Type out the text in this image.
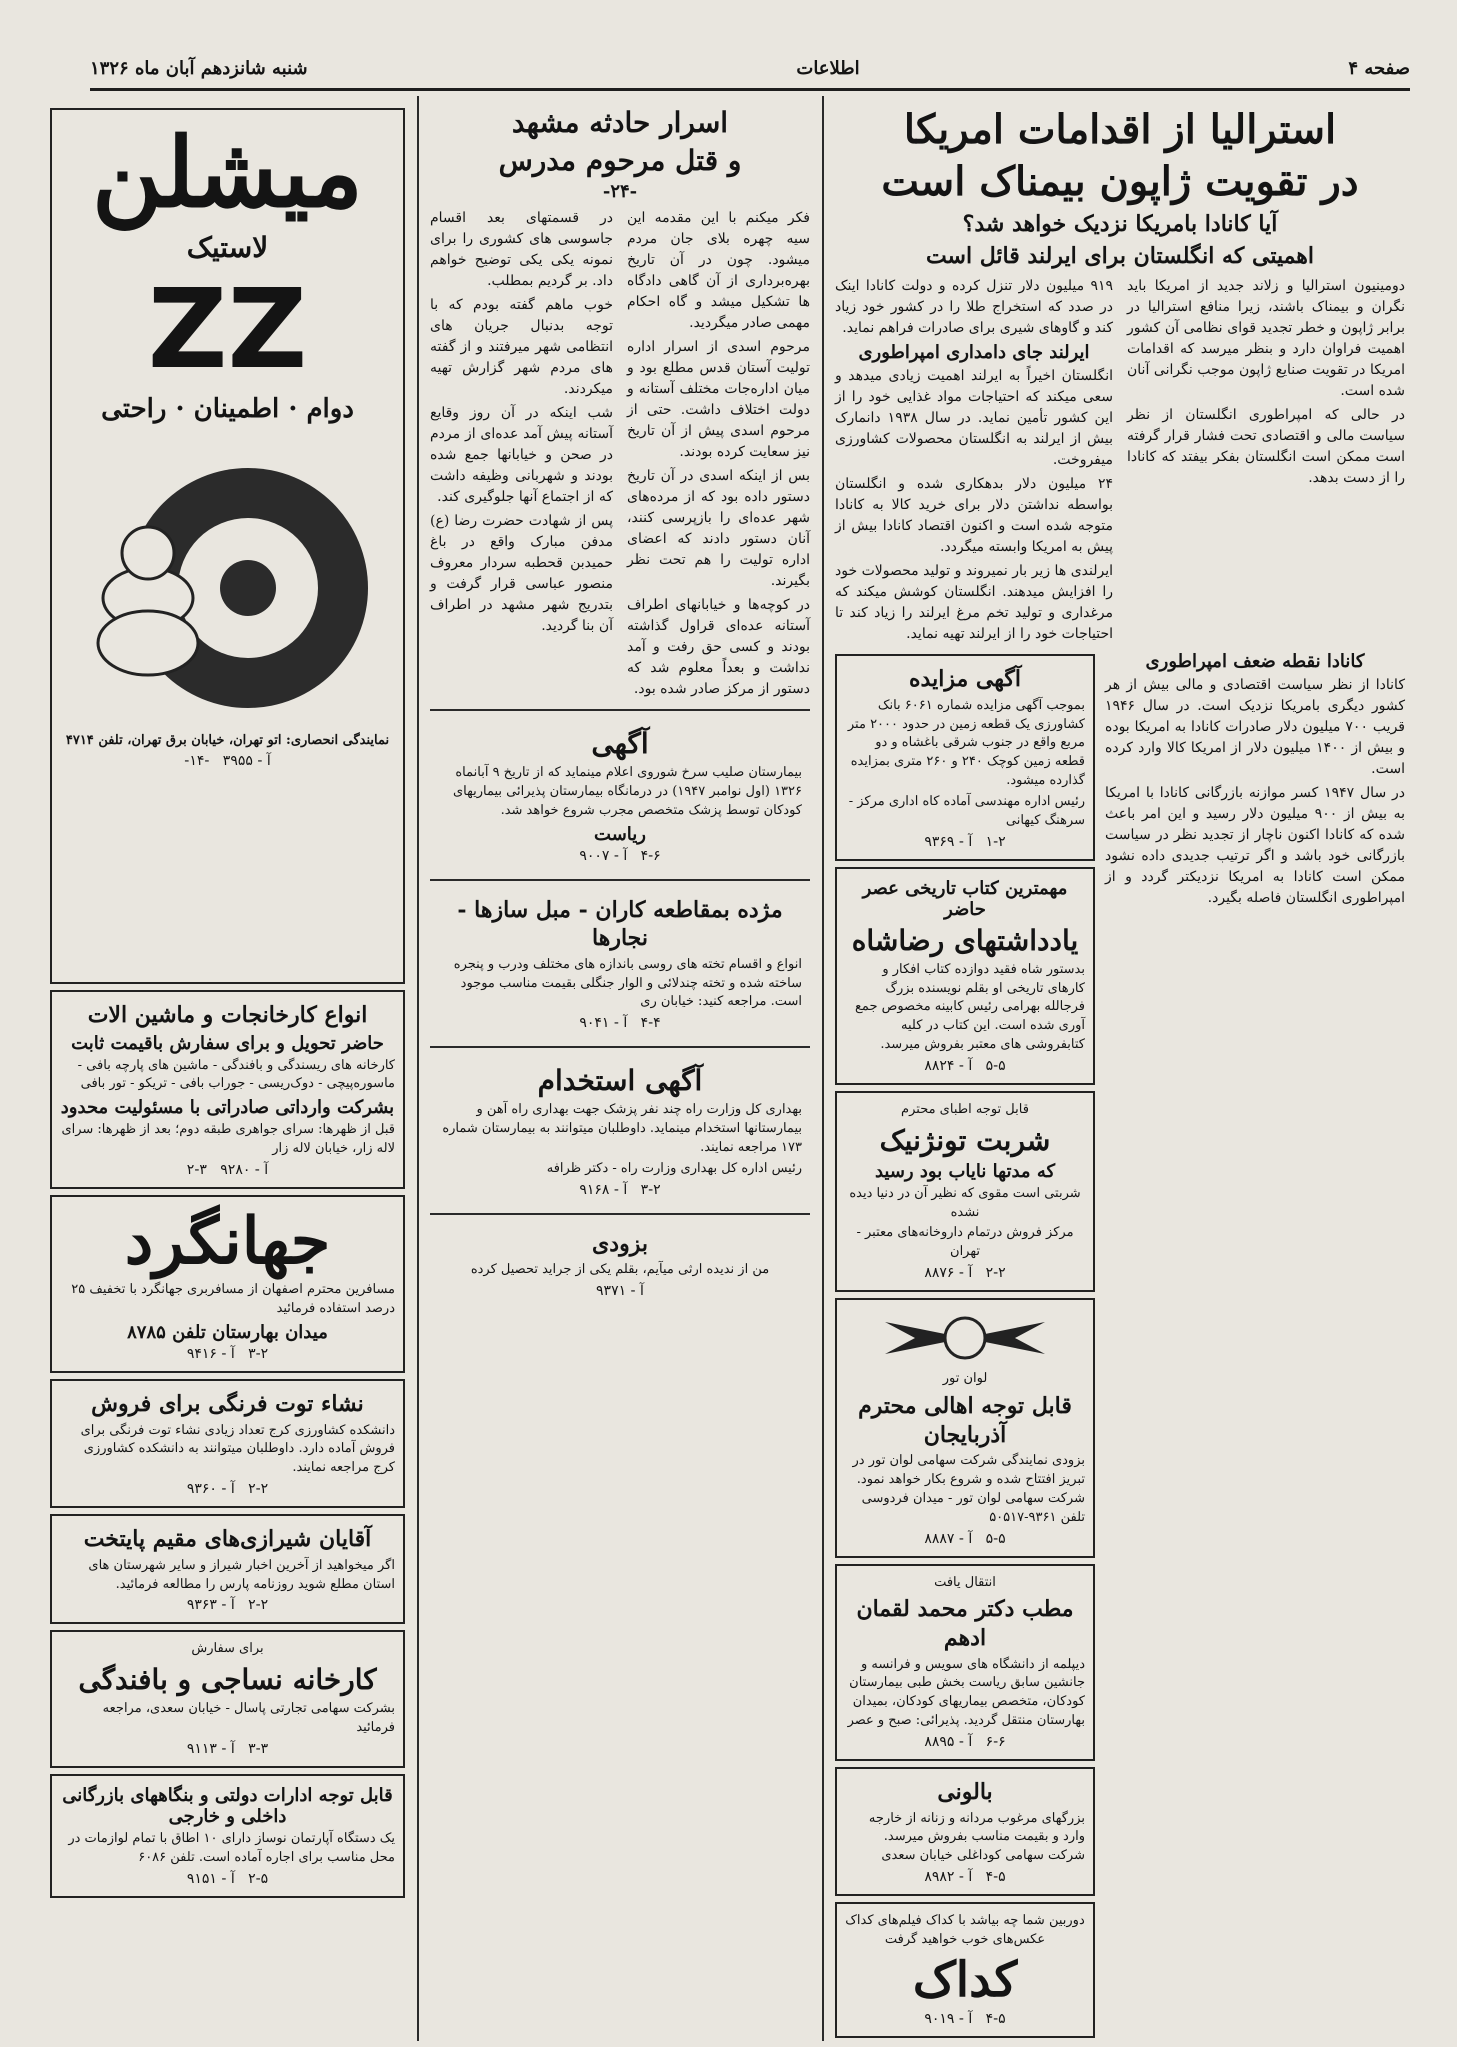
صفحه ۴
اطلاعات
شنبه شانزدهم آبان ماه ۱۳۲۶
استرالیا از اقدامات امریکا
در تقویت ژاپون بیمناک است
آیا کانادا بامریکا نزدیک خواهد شد؟
اهمیتی که انگلستان برای ایرلند قائل است

دومینیون استرالیا و زلاند جدید از امریکا باید نگران و بیمناک باشند، زیرا منافع استرالیا در برابر ژاپون و خطر تجدید قوای نظامی آن کشور اهمیت فراوان دارد و بنظر میرسد که اقدامات امریکا در تقویت صنایع ژاپون موجب نگرانی آنان شده است.

در حالی که امپراطوری انگلستان از نظر سیاست مالی و اقتصادی تحت فشار قرار گرفته است ممکن است انگلستان بفکر بیفتد که کانادا را از دست بدهد.

۹۱۹ میلیون دلار تنزل کرده و دولت کانادا اینک در صدد که استخراج طلا را در کشور خود زیاد کند و گاوهای شیری برای صادرات فراهم نماید.

ایرلند جای دامداری امپراطوری

انگلستان اخیراً به ایرلند اهمیت زیادی میدهد و سعی میکند که احتیاجات مواد غذایی خود را از این کشور تأمین نماید. در سال ۱۹۳۸ دانمارک بیش از ایرلند به انگلستان محصولات کشاورزی میفروخت.

۲۴ میلیون دلار بدهکاری شده و انگلستان بواسطه نداشتن دلار برای خرید کالا به کانادا متوجه شده است و اکنون اقتصاد کانادا بیش از پیش به امریکا وابسته میگردد.

ایرلندی ها زیر بار نمیروند و تولید محصولات خود را افزایش میدهند. انگلستان کوشش میکند که مرغداری و تولید تخم مرغ ایرلند را زیاد کند تا احتیاجات خود را از ایرلند تهیه نماید.

کانادا نقطه ضعف امپراطوری

کانادا از نظر سیاست اقتصادی و مالی بیش از هر کشور دیگری بامریکا نزدیک است. در سال ۱۹۴۶ قریب ۷۰۰ میلیون دلار صادرات کانادا به امریکا بوده و بیش از ۱۴۰۰ میلیون دلار از امریکا کالا وارد کرده است.

در سال ۱۹۴۷ کسر موازنه بازرگانی کانادا با امریکا به بیش از ۹۰۰ میلیون دلار رسید و این امر باعث شده که کانادا اکنون ناچار از تجدید نظر در سیاست بازرگانی خود باشد و اگر ترتیب جدیدی داده نشود ممکن است کانادا به امریکا نزدیکتر گردد و از امپراطوری انگلستان فاصله بگیرد.

آگهی مزایده

بموجب آگهی مزایده شماره ۶۰۶۱ بانک کشاورزی یک قطعه زمین در حدود ۲۰۰۰ متر مربع واقع در جنوب شرقی باغشاه و دو قطعه زمین کوچک ۲۴۰ و ۲۶۰ متری بمزایده گذارده میشود.

رئیس اداره مهندسی آماده کاه اداری مرکز - سرهنگ کیهانی

۱-۲   آ - ۹۳۶۹
مهمترین کتاب تاریخی عصر حاضر
یادداشتهای رضاشاه

بدستور شاه فقید دوازده کتاب افکار و کارهای تاریخی او بقلم نویسنده بزرگ فرجالله بهرامی رئیس کابینه مخصوص جمع آوری شده است. این کتاب در کلیه کتابفروشی های معتبر بفروش میرسد.

۵-۵   آ - ۸۸۲۴
قابل توجه اطبای محترم
شربت تونژنیک
که مدتها نایاب بود رسید
شربتی است مقوی که نظیر آن در دنیا دیده نشده
مرکز فروش درتمام داروخانه‌های معتبر - تهران
۲-۲   آ - ۸۸۷۶
لوان تور
قابل توجه اهالی محترم آذربایجان

بزودی نمایندگی شرکت سهامی لوان تور در تبریز افتتاح شده و شروع بکار خواهد نمود. شرکت سهامی لوان تور - میدان فردوسی تلفن ۹۳۶۱-۵۰۵۱۷

۵-۵   آ - ۸۸۸۷
انتقال یافت
مطب دکتر محمد لقمان ادهم

دیپلمه از دانشگاه های سویس و فرانسه و جانشین سابق ریاست بخش طبی بیمارستان کودکان، متخصص بیماریهای کودکان، بمیدان بهارستان منتقل گردید. پذیرائی: صبح و عصر

۶-۶   آ - ۸۸۹۵
بالونی

بزرگهای مرغوب مردانه و زنانه از خارجه وارد و بقیمت مناسب بفروش میرسد. شرکت سهامی کوداغلی خیابان سعدی

۴-۵   آ - ۸۹۸۲
دوربین شما چه بیاشد با کداک فیلم‌های کداک عکس‌های خوب خواهید گرفت
کداک
۴-۵   آ - ۹۰۱۹
اسرار حادثه مشهد
و قتل مرحوم مدرس
-۲۴-

فکر میکنم با این مقدمه این سیه چهره بلای جان مردم میشود. چون در آن تاریخ بهره‌برداری از آن گاهی دادگاه ها تشکیل میشد و گاه احکام مهمی صادر میگردید.

مرحوم اسدی از اسرار اداره تولیت آستان قدس مطلع بود و میان اداره‌جات مختلف آستانه و دولت اختلاف داشت. حتی از مرحوم اسدی پیش از آن تاریخ نیز سعایت کرده بودند.

بس از اینکه اسدی در آن تاریخ دستور داده بود که از مرده‌های شهر عده‌ای را بازپرسی کنند، آنان دستور دادند که اعضای اداره تولیت را هم تحت نظر بگیرند.

در کوچه‌ها و خیابانهای اطراف آستانه عده‌ای قراول گذاشته بودند و کسی حق رفت و آمد نداشت و بعداً معلوم شد که دستور از مرکز صادر شده بود.

در قسمتهای بعد اقسام جاسوسی های کشوری را برای نمونه یکی یکی توضیح خواهم داد. بر گردیم بمطلب.

خوب ماهم گفته بودم که با توجه بدنبال جریان های انتظامی شهر میرفتند و از گفته های مردم شهر گزارش تهیه میکردند.

شب اینکه در آن روز وقایع آستانه پیش آمد عده‌ای از مردم در صحن و خیابانها جمع شده بودند و شهربانی وظیفه داشت که از اجتماع آنها جلوگیری کند.

پس از شهادت حضرت رضا (ع) مدفن مبارک واقع در باغ حمیدبن قحطبه سردار معروف منصور عباسی قرار گرفت و بتدریج شهر مشهد در اطراف آن بنا گردید.

آگهی

بیمارستان صلیب سرخ شوروی اعلام مینماید که از تاریخ ۹ آبانماه ۱۳۲۶ (اول نوامبر ۱۹۴۷) در درمانگاه بیمارستان پذیرائی بیماریهای کودکان توسط پزشک متخصص مجرب شروع خواهد شد.

ریاست
۴-۶   آ - ۹۰۰۷
مژده بمقاطعه کاران - مبل سازها - نجارها

انواع و اقسام تخته های روسی باندازه های مختلف ودرب و پنجره ساخته شده و تخته چندلائی و الوار جنگلی بقیمت مناسب موجود است. مراجعه کنید: خیابان ری

۴-۴   آ - ۹۰۴۱
آگهی استخدام

بهداری کل وزارت راه چند نفر پزشک جهت بهداری راه آهن و بیمارستانها استخدام مینماید. داوطلبان میتوانند به بیمارستان شماره ۱۷۳ مراجعه نمایند.

رئیس اداره کل بهداری وزارت راه - دکتر ظرافه

۳-۲   آ - ۹۱۶۸
بزودی

من از ندیده ارثی میآیم، بقلم یکی از جراید تحصیل کرده

آ - ۹۳۷۱
میشلن
لاستیک
ZZ
دوام · اطمینان · راحتی
نمایندگی انحصاری: اتو تهران، خیابان برق تهران، تلفن ۴۷۱۴
آ - ۳۹۵۵   -۱۴-
انواع کارخانجات و ماشین الات
حاضر تحویل و برای سفارش باقیمت ثابت

کارخانه های ریسندگی و بافندگی - ماشین های پارچه بافی - ماسوره‌پیچی - دوک‌ریسی - جوراب بافی - تریکو - تور بافی

بشرکت وارداتی صادراتی با مسئولیت محدود

قبل از ظهرها: سرای جواهری طبقه دوم؛ بعد از ظهرها: سرای لاله زار، خیابان لاله زار

آ - ۹۲۸۰   ۳-۲
جهانگرد

مسافرین محترم اصفهان از مسافربری جهانگرد با تخفیف ۲۵ درصد استفاده فرمائید

میدان بهارستان تلفن ۸۷۸۵
۳-۲   آ - ۹۴۱۶
نشاء توت فرنگی برای فروش

دانشکده کشاورزی کرج تعداد زیادی نشاء توت فرنگی برای فروش آماده دارد. داوطلبان میتوانند به دانشکده کشاورزی کرج مراجعه نمایند.

۲-۲   آ - ۹۳۶۰
آقایان شیرازی‌های مقیم پایتخت

اگر میخواهید از آخرین اخبار شیراز و سایر شهرستان های استان مطلع شوید روزنامه پارس را مطالعه فرمائید.

۲-۲   آ - ۹۳۶۳
برای سفارش
کارخانه نساجی و بافندگی

بشرکت سهامی تجارتی پاسال - خیابان سعدی، مراجعه فرمائید

۳-۳   آ - ۹۱۱۳
قابل توجه ادارات دولتی و بنگاههای بازرگانی داخلی و خارجی

یک دستگاه آپارتمان نوساز دارای ۱۰ اطاق با تمام لوازمات در محل مناسب برای اجاره آماده است. تلفن ۶۰۸۶

۲-۵   آ - ۹۱۵۱
